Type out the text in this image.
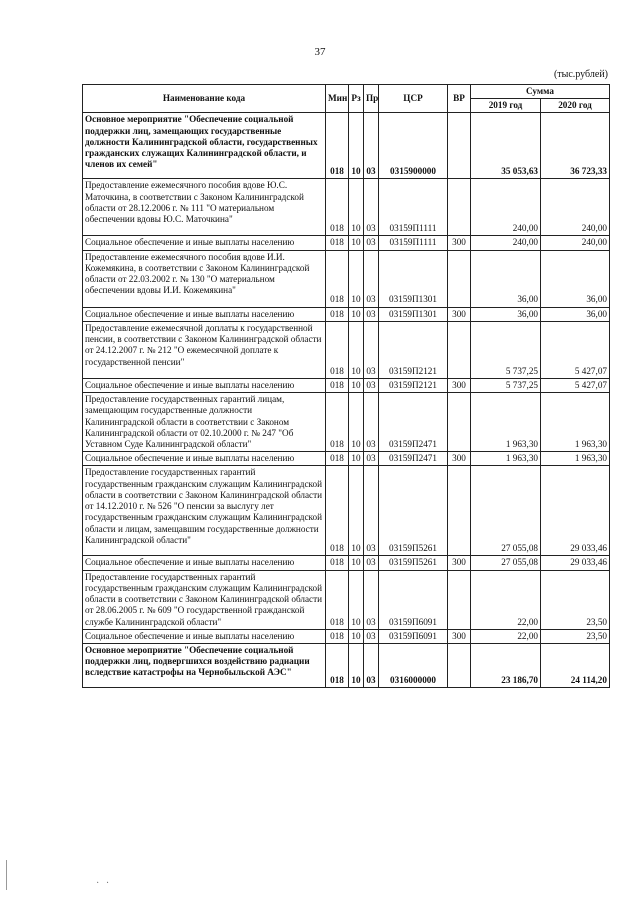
37
(тыс.рублей)
Наименование кода	Мин	Рз	Пр	ЦСР	ВР	Сумма	
						2019 год	2020 год
Основное мероприятие "Обеспечение социальной поддержки лиц, замещающих государственные должности Калининградской области, государственных гражданских служащих Калининградской области, и членов их семей"	018	10	03	0315900000		35 053,63	36 723,33
Предоставление ежемесячного пособия вдове Ю.С. Маточкина, в соответствии с Законом Калининградской области от 28.12.2006 г. № 111 "О материальном обеспечении вдовы Ю.С. Маточкина"	018	10	03	03159П1111		240,00	240,00
Социальное обеспечение и иные выплаты населению	018	10	03	03159П1111	300	240,00	240,00
Предоставление ежемесячного пособия вдове И.И. Кожемякина, в соответствии с Законом Калининградской области от 22.03.2002 г. № 130 "О материальном обеспечении вдовы И.И. Кожемякина"	018	10	03	03159П1301		36,00	36,00
Социальное обеспечение и иные выплаты населению	018	10	03	03159П1301	300	36,00	36,00
Предоставление ежемесячной доплаты к государственной пенсии, в соответствии с Законом Калининградской области от 24.12.2007 г. № 212 "О ежемесячной доплате к государственной пенсии"	018	10	03	03159П2121		5 737,25	5 427,07
Социальное обеспечение и иные выплаты населению	018	10	03	03159П2121	300	5 737,25	5 427,07
Предоставление государственных гарантий лицам, замещающим государственные должности Калининградской области в соответствии с Законом Калининградской области от 02.10.2000 г. № 247 "Об Уставном Суде Калининградской области"	018	10	03	03159П2471		1 963,30	1 963,30
Социальное обеспечение и иные выплаты населению	018	10	03	03159П2471	300	1 963,30	1 963,30
Предоставление государственных гарантий государственным гражданским служащим Калининградской области в соответствии с Законом Калининградской области от 14.12.2010 г. № 526 "О пенсии за выслугу лет государственным гражданским служащим Калининградской области и лицам, замещавшим государственные должности Калининградской области"	018	10	03	03159П5261		27 055,08	29 033,46
Социальное обеспечение и иные выплаты населению	018	10	03	03159П5261	300	27 055,08	29 033,46
Предоставление государственных гарантий государственным гражданским служащим Калининградской области в соответствии с Законом Калининградской области от 28.06.2005 г. № 609 "О государственной гражданской службе Калининградской области"	018	10	03	03159П6091		22,00	23,50
Социальное обеспечение и иные выплаты населению	018	10	03	03159П6091	300	22,00	23,50
Основное мероприятие "Обеспечение социальной поддержки лиц, подвергшихся воздействию радиации вследствие катастрофы на Чернобыльской АЭС"	018	10	03	0316000000		23 186,70	24 114,20
· ·
